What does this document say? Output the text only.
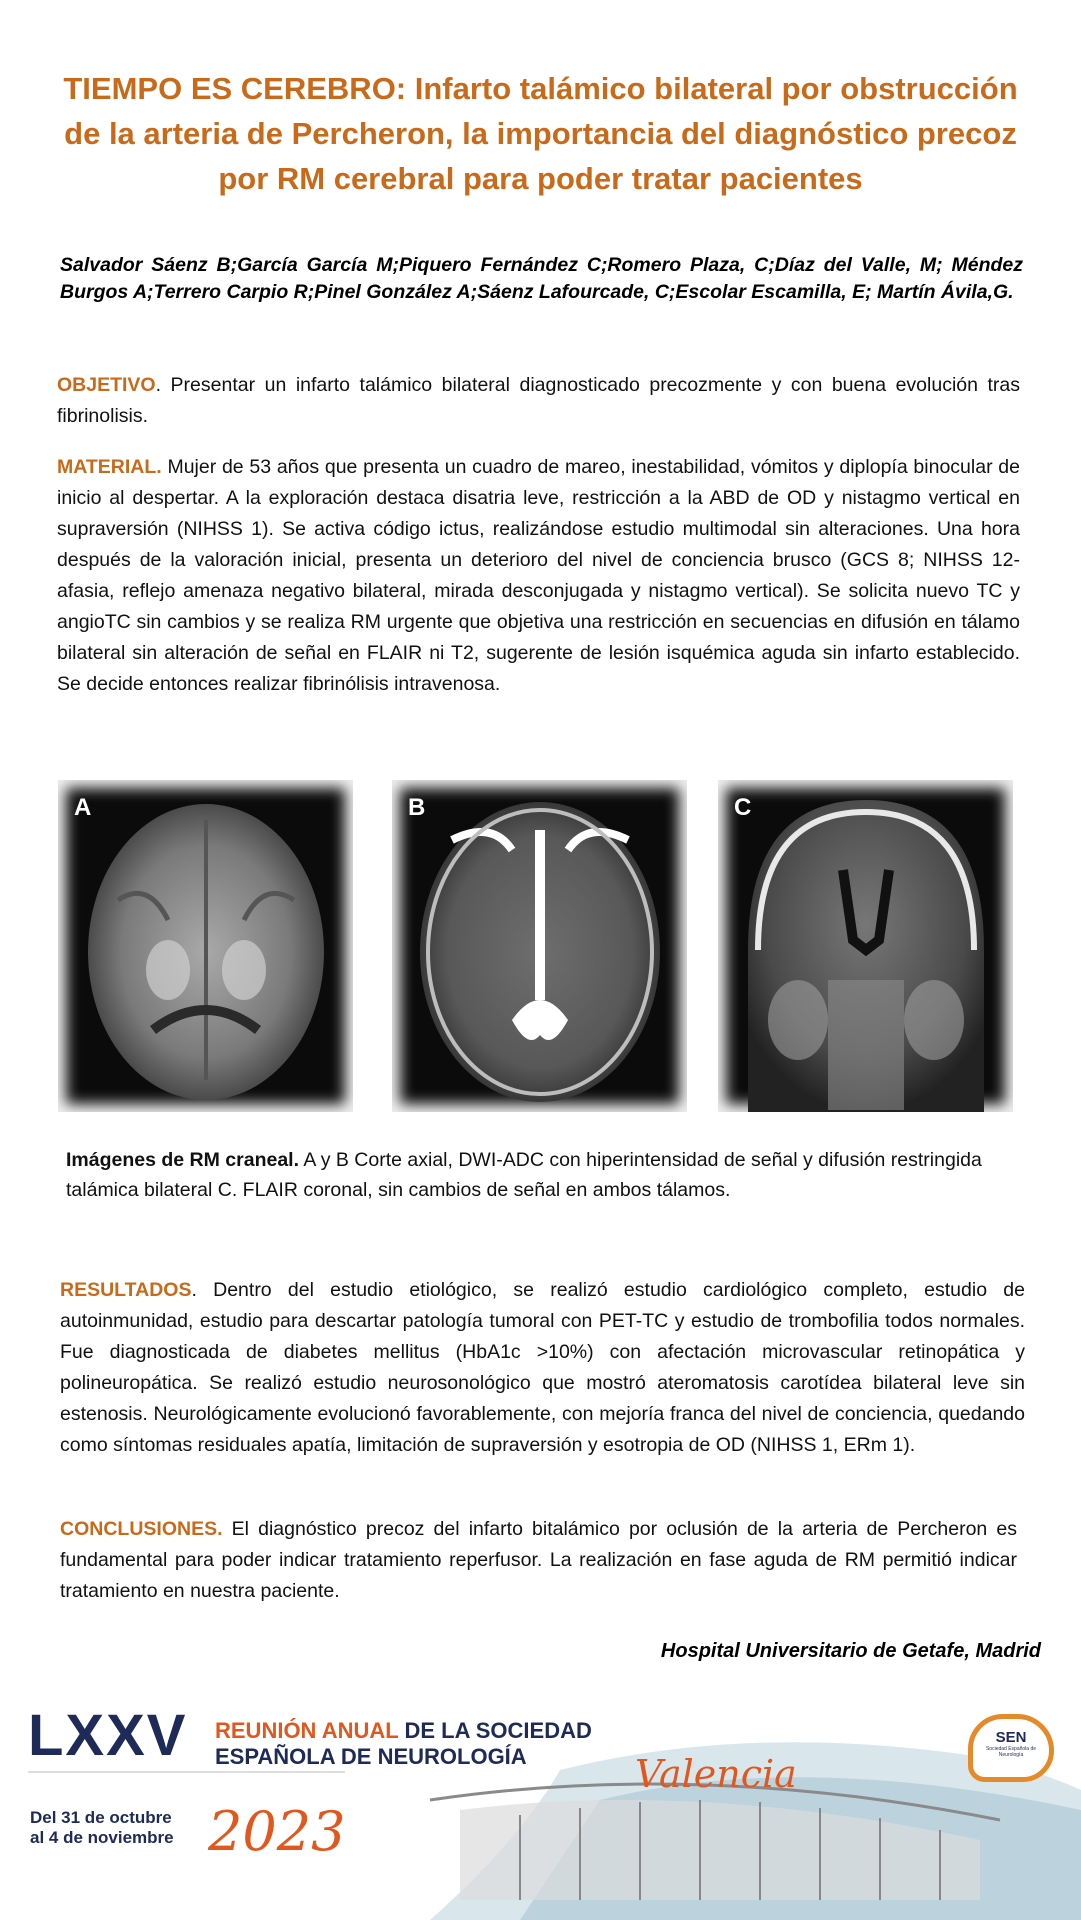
TIEMPO ES CEREBRO: Infarto talámico bilateral por obstrucción de la arteria de Percheron, la importancia del diagnóstico precoz por RM cerebral para poder tratar pacientes
Salvador Sáenz B;García García M;Piquero Fernández C;Romero Plaza, C;Díaz del Valle, M; Méndez Burgos A;Terrero Carpio R;Pinel González A;Sáenz Lafourcade, C;Escolar Escamilla, E; Martín Ávila,G.

OBJETIVO. Presentar un infarto talámico bilateral diagnosticado precozmente y con buena evolución tras fibrinolisis.

MATERIAL. Mujer de 53 años que presenta un cuadro de mareo, inestabilidad, vómitos y diplopía binocular de inicio al despertar. A la exploración destaca disatria leve, restricción a la ABD de OD y nistagmo vertical en supraversión (NIHSS 1). Se activa código ictus, realizándose estudio multimodal sin alteraciones. Una hora después de la valoración inicial, presenta un deterioro del nivel de conciencia brusco (GCS 8; NIHSS 12-afasia, reflejo amenaza negativo bilateral, mirada desconjugada y nistagmo vertical). Se solicita nuevo TC y angioTC sin cambios y se realiza RM urgente que objetiva una restricción en secuencias en difusión en tálamo bilateral sin alteración de señal en FLAIR ni T2, sugerente de lesión isquémica aguda sin infarto establecido. Se decide entonces realizar fibrinólisis intravenosa.

A	B	C

Imágenes de RM craneal. A y B Corte axial, DWI-ADC con hiperintensidad de señal y difusión restringida talámica bilateral C. FLAIR coronal, sin cambios de señal en ambos tálamos.

RESULTADOS. Dentro del estudio etiológico, se realizó estudio cardiológico completo, estudio de autoinmunidad, estudio para descartar patología tumoral con PET-TC y estudio de trombofilia todos normales. Fue diagnosticada de diabetes mellitus (HbA1c >10%) con afectación microvascular retinopática y polineuropática. Se realizó estudio neurosonológico que mostró ateromatosis carotídea bilateral leve sin estenosis. Neurológicamente evolucionó favorablemente, con mejoría franca del nivel de conciencia, quedando como síntomas residuales apatía, limitación de supraversión y esotropia de OD (NIHSS 1, ERm 1).

CONCLUSIONES. El diagnóstico precoz del infarto bitalámico por oclusión de la arteria de Percheron es fundamental para poder indicar tratamiento reperfusor. La realización en fase aguda de RM permitió indicar tratamiento en nuestra paciente.

Hospital Universitario de Getafe, Madrid
LXXV REUNIÓN ANUAL DE LA SOCIEDAD
ESPAÑOLA DE NEUROLOGÍA	Valencia
Del 31 de octubre
al 4 de noviembre 2023
SEN
Sociedad Española de Neurología
